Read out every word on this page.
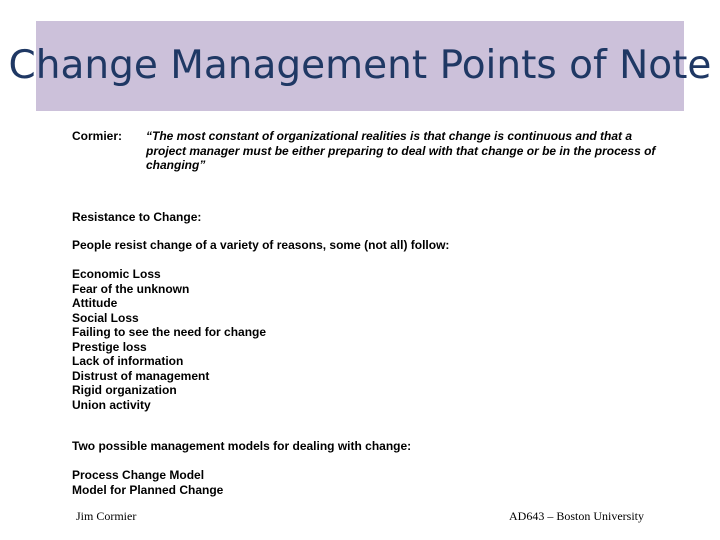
Change Management Points of Note
Cormier: “The most constant of organizational realities is that change is continuous and that a project manager must be either preparing to deal with that change or be in the process of changing”
Resistance to Change:
People resist change of a variety of reasons, some (not all) follow:
Economic Loss
Fear of the unknown
Attitude
Social Loss
Failing to see the need for change
Prestige loss
Lack of information
Distrust of management
Rigid organization
Union activity
Two possible management models for dealing with change:
Process Change Model
Model for Planned Change
Jim Cormier	AD643 – Boston University
